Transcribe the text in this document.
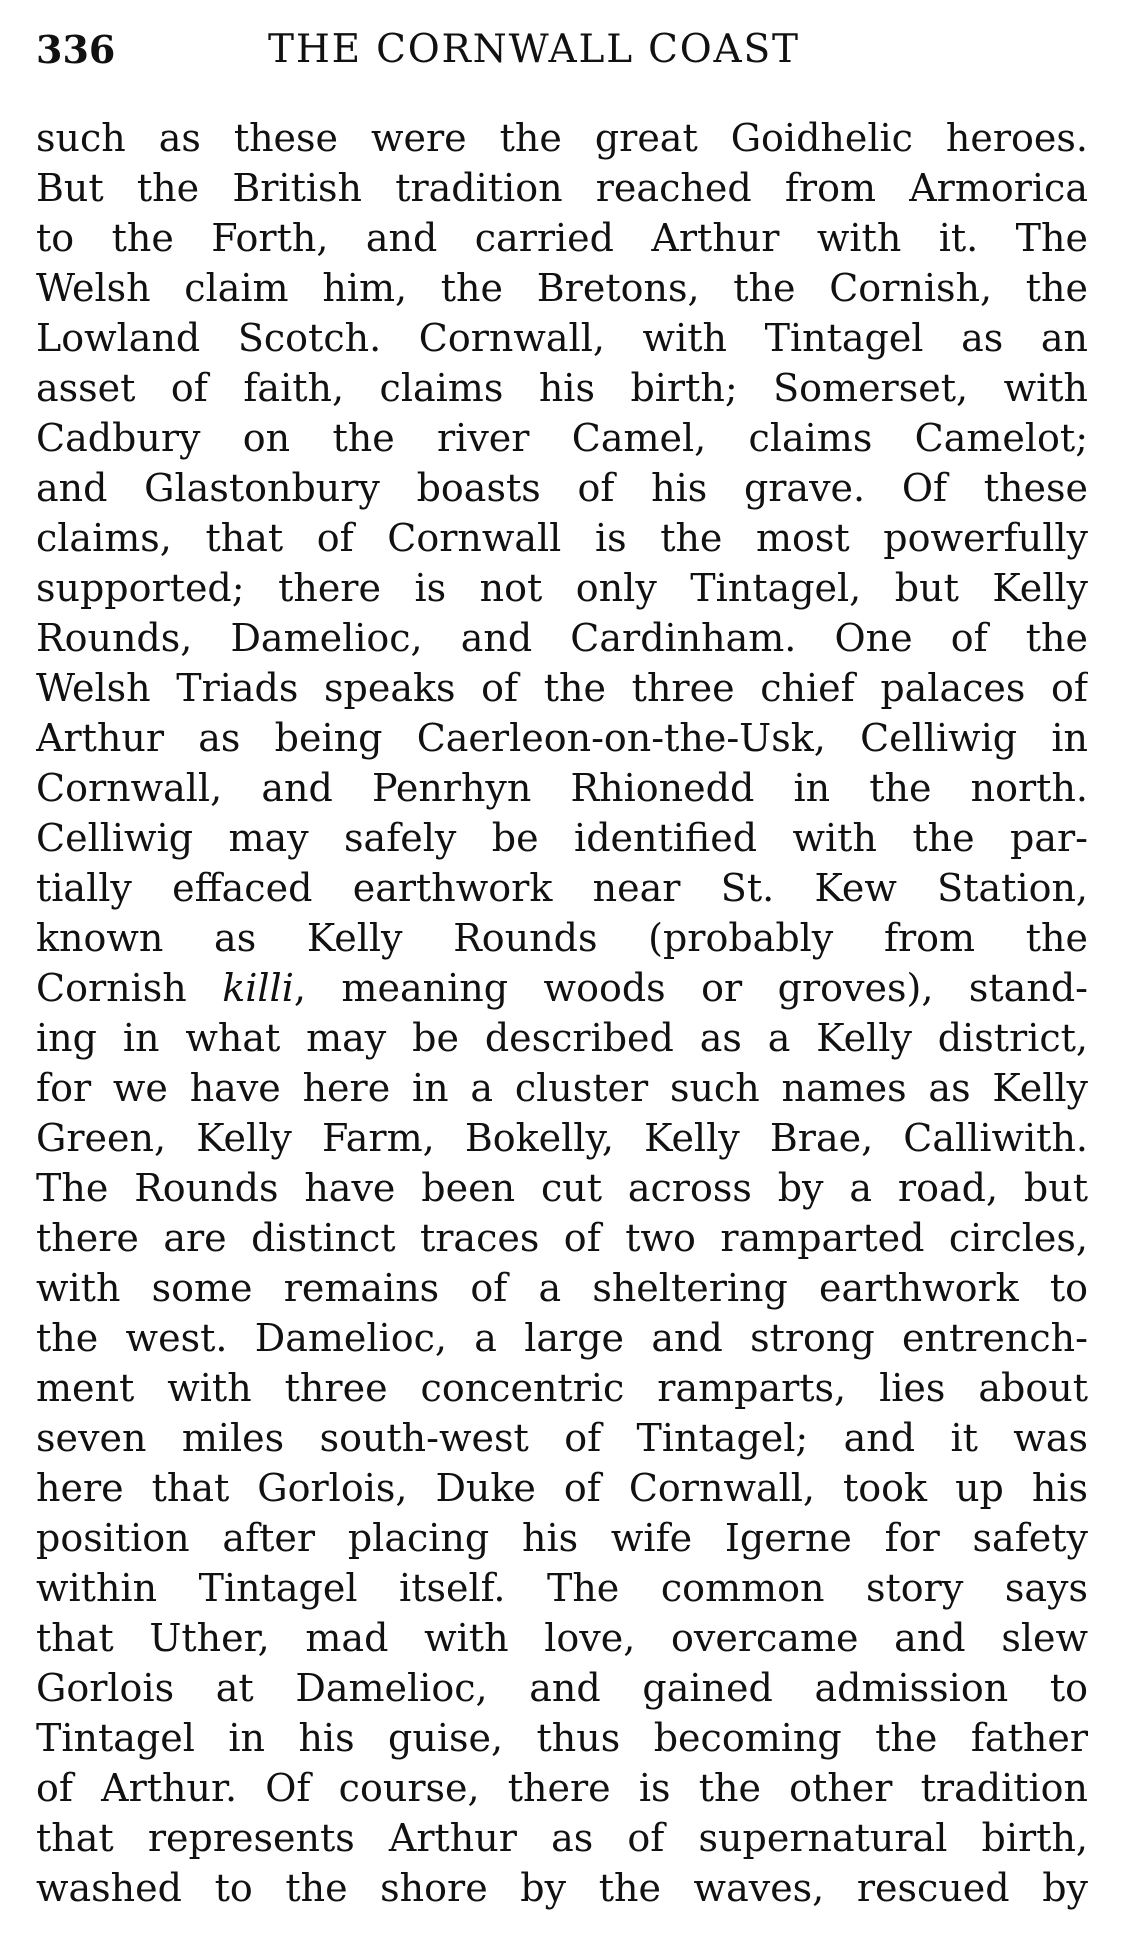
336	THE CORNWALL COAST
such as these were the great Goidhelic heroes.
But the British tradition reached from Armorica
to the Forth, and carried Arthur with it. The
Welsh claim him, the Bretons, the Cornish, the
Lowland Scotch. Cornwall, with Tintagel as an
asset of faith, claims his birth; Somerset, with
Cadbury on the river Camel, claims Camelot;
and Glastonbury boasts of his grave. Of these
claims, that of Cornwall is the most powerfully
supported; there is not only Tintagel, but Kelly
Rounds, Damelioc, and Cardinham. One of the
Welsh Triads speaks of the three chief palaces of
Arthur as being Caerleon-on-the-Usk, Celliwig in
Cornwall, and Penrhyn Rhionedd in the north.
Celliwig may safely be identified with the par-
tially effaced earthwork near St. Kew Station,
known as Kelly Rounds (probably from the
Cornish killi, meaning woods or groves), stand-
ing in what may be described as a Kelly district,
for we have here in a cluster such names as Kelly
Green, Kelly Farm, Bokelly, Kelly Brae, Calliwith.
The Rounds have been cut across by a road, but
there are distinct traces of two ramparted circles,
with some remains of a sheltering earthwork to
the west. Damelioc, a large and strong entrench-
ment with three concentric ramparts, lies about
seven miles south-west of Tintagel; and it was
here that Gorlois, Duke of Cornwall, took up his
position after placing his wife Igerne for safety
within Tintagel itself. The common story says
that Uther, mad with love, overcame and slew
Gorlois at Damelioc, and gained admission to
Tintagel in his guise, thus becoming the father
of Arthur. Of course, there is the other tradition
that represents Arthur as of supernatural birth,
washed to the shore by the waves, rescued by
